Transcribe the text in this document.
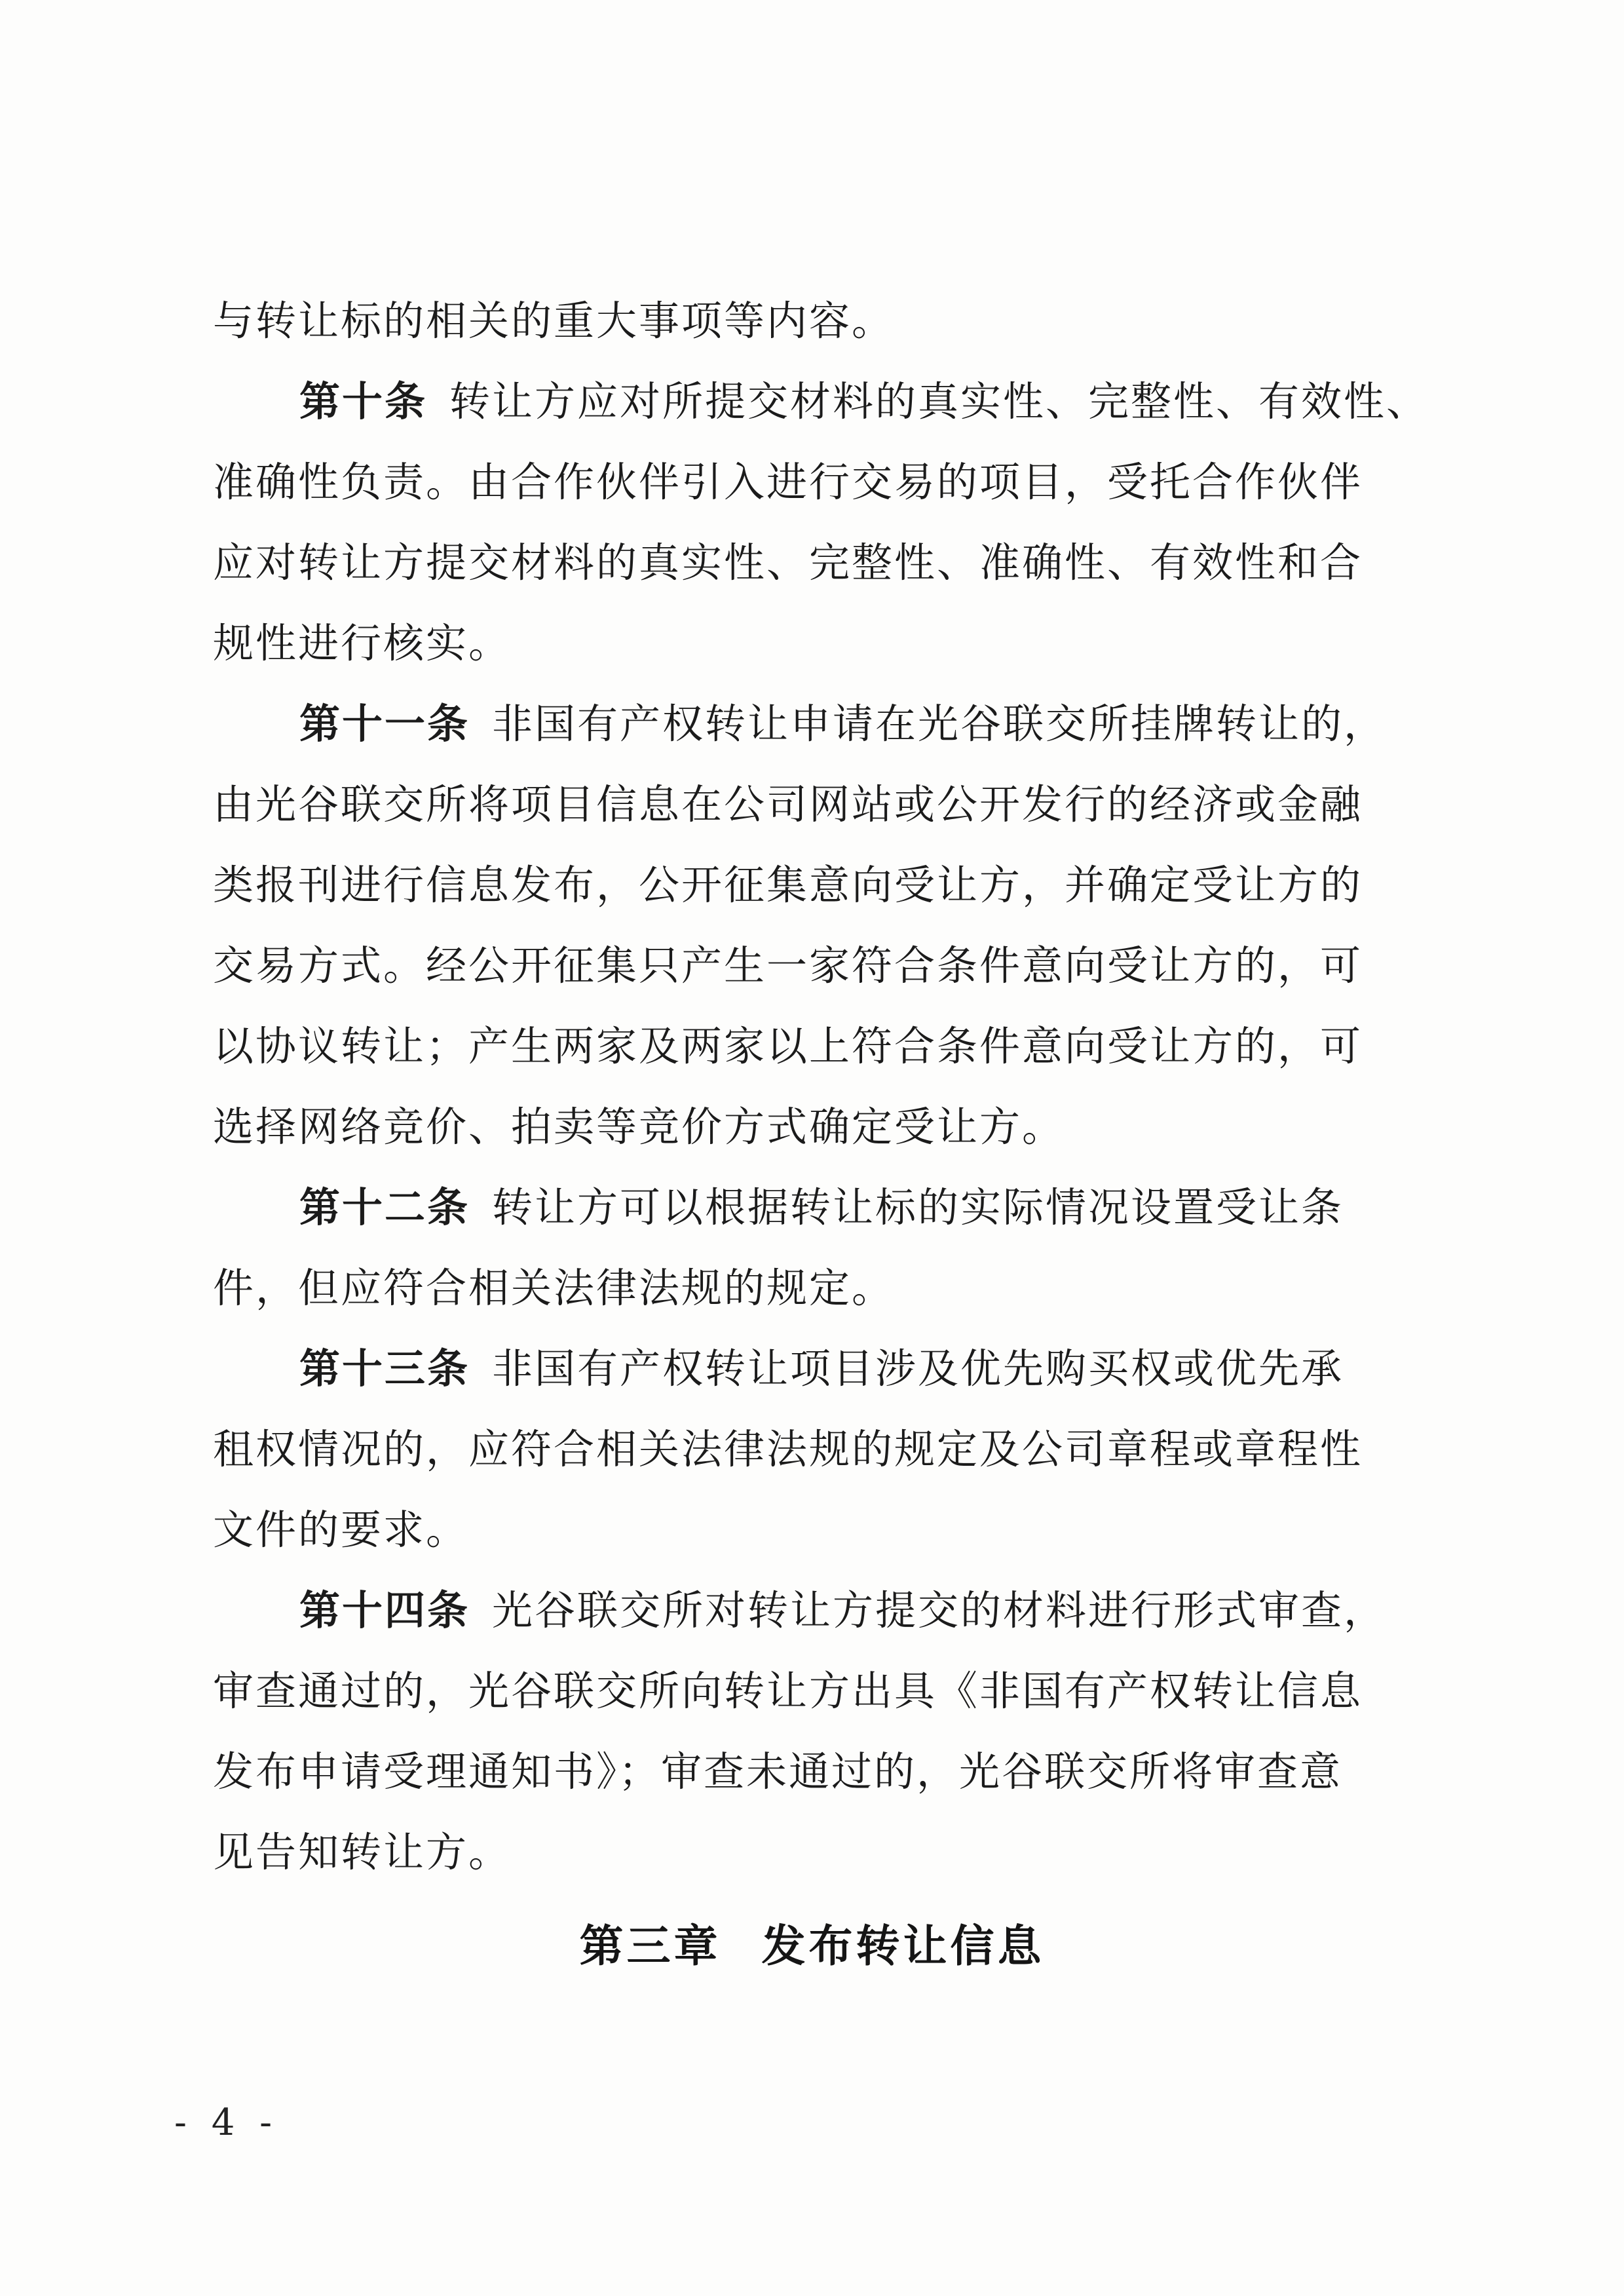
与转让标的相关的重大事项等内容。
第十条 转让方应对所提交材料的真实性、完整性、有效性、
准确性负责。由合作伙伴引入进行交易的项目，受托合作伙伴
应对转让方提交材料的真实性、完整性、准确性、有效性和合
规性进行核实。
第十一条 非国有产权转让申请在光谷联交所挂牌转让的，
由光谷联交所将项目信息在公司网站或公开发行的经济或金融
类报刊进行信息发布，公开征集意向受让方，并确定受让方的
交易方式。经公开征集只产生一家符合条件意向受让方的，可
以协议转让；产生两家及两家以上符合条件意向受让方的，可
选择网络竞价、拍卖等竞价方式确定受让方。
第十二条 转让方可以根据转让标的实际情况设置受让条
件，但应符合相关法律法规的规定。
第十三条 非国有产权转让项目涉及优先购买权或优先承
租权情况的，应符合相关法律法规的规定及公司章程或章程性
文件的要求。
第十四条 光谷联交所对转让方提交的材料进行形式审查，
审查通过的，光谷联交所向转让方出具《非国有产权转让信息
发布申请受理通知书》；审查未通过的，光谷联交所将审查意
见告知转让方。
第三章 发布转让信息
- 4 -
